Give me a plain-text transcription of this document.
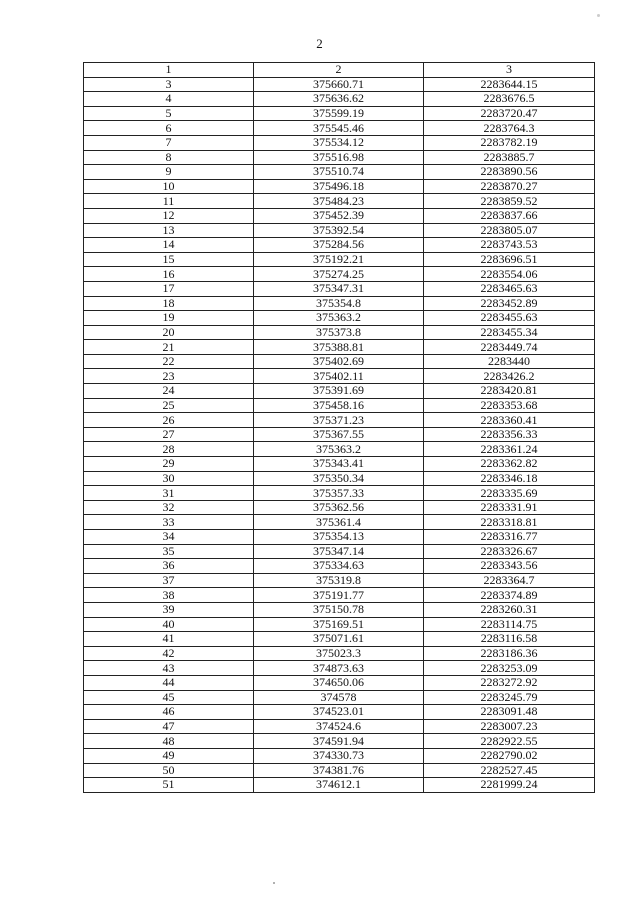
2
1	2	3
3	375660.71	2283644.15
4	375636.62	2283676.5
5	375599.19	2283720.47
6	375545.46	2283764.3
7	375534.12	2283782.19
8	375516.98	2283885.7
9	375510.74	2283890.56
10	375496.18	2283870.27
11	375484.23	2283859.52
12	375452.39	2283837.66
13	375392.54	2283805.07
14	375284.56	2283743.53
15	375192.21	2283696.51
16	375274.25	2283554.06
17	375347.31	2283465.63
18	375354.8	2283452.89
19	375363.2	2283455.63
20	375373.8	2283455.34
21	375388.81	2283449.74
22	375402.69	2283440
23	375402.11	2283426.2
24	375391.69	2283420.81
25	375458.16	2283353.68
26	375371.23	2283360.41
27	375367.55	2283356.33
28	375363.2	2283361.24
29	375343.41	2283362.82
30	375350.34	2283346.18
31	375357.33	2283335.69
32	375362.56	2283331.91
33	375361.4	2283318.81
34	375354.13	2283316.77
35	375347.14	2283326.67
36	375334.63	2283343.56
37	375319.8	2283364.7
38	375191.77	2283374.89
39	375150.78	2283260.31
40	375169.51	2283114.75
41	375071.61	2283116.58
42	375023.3	2283186.36
43	374873.63	2283253.09
44	374650.06	2283272.92
45	374578	2283245.79
46	374523.01	2283091.48
47	374524.6	2283007.23
48	374591.94	2282922.55
49	374330.73	2282790.02
50	374381.76	2282527.45
51	374612.1	2281999.24
